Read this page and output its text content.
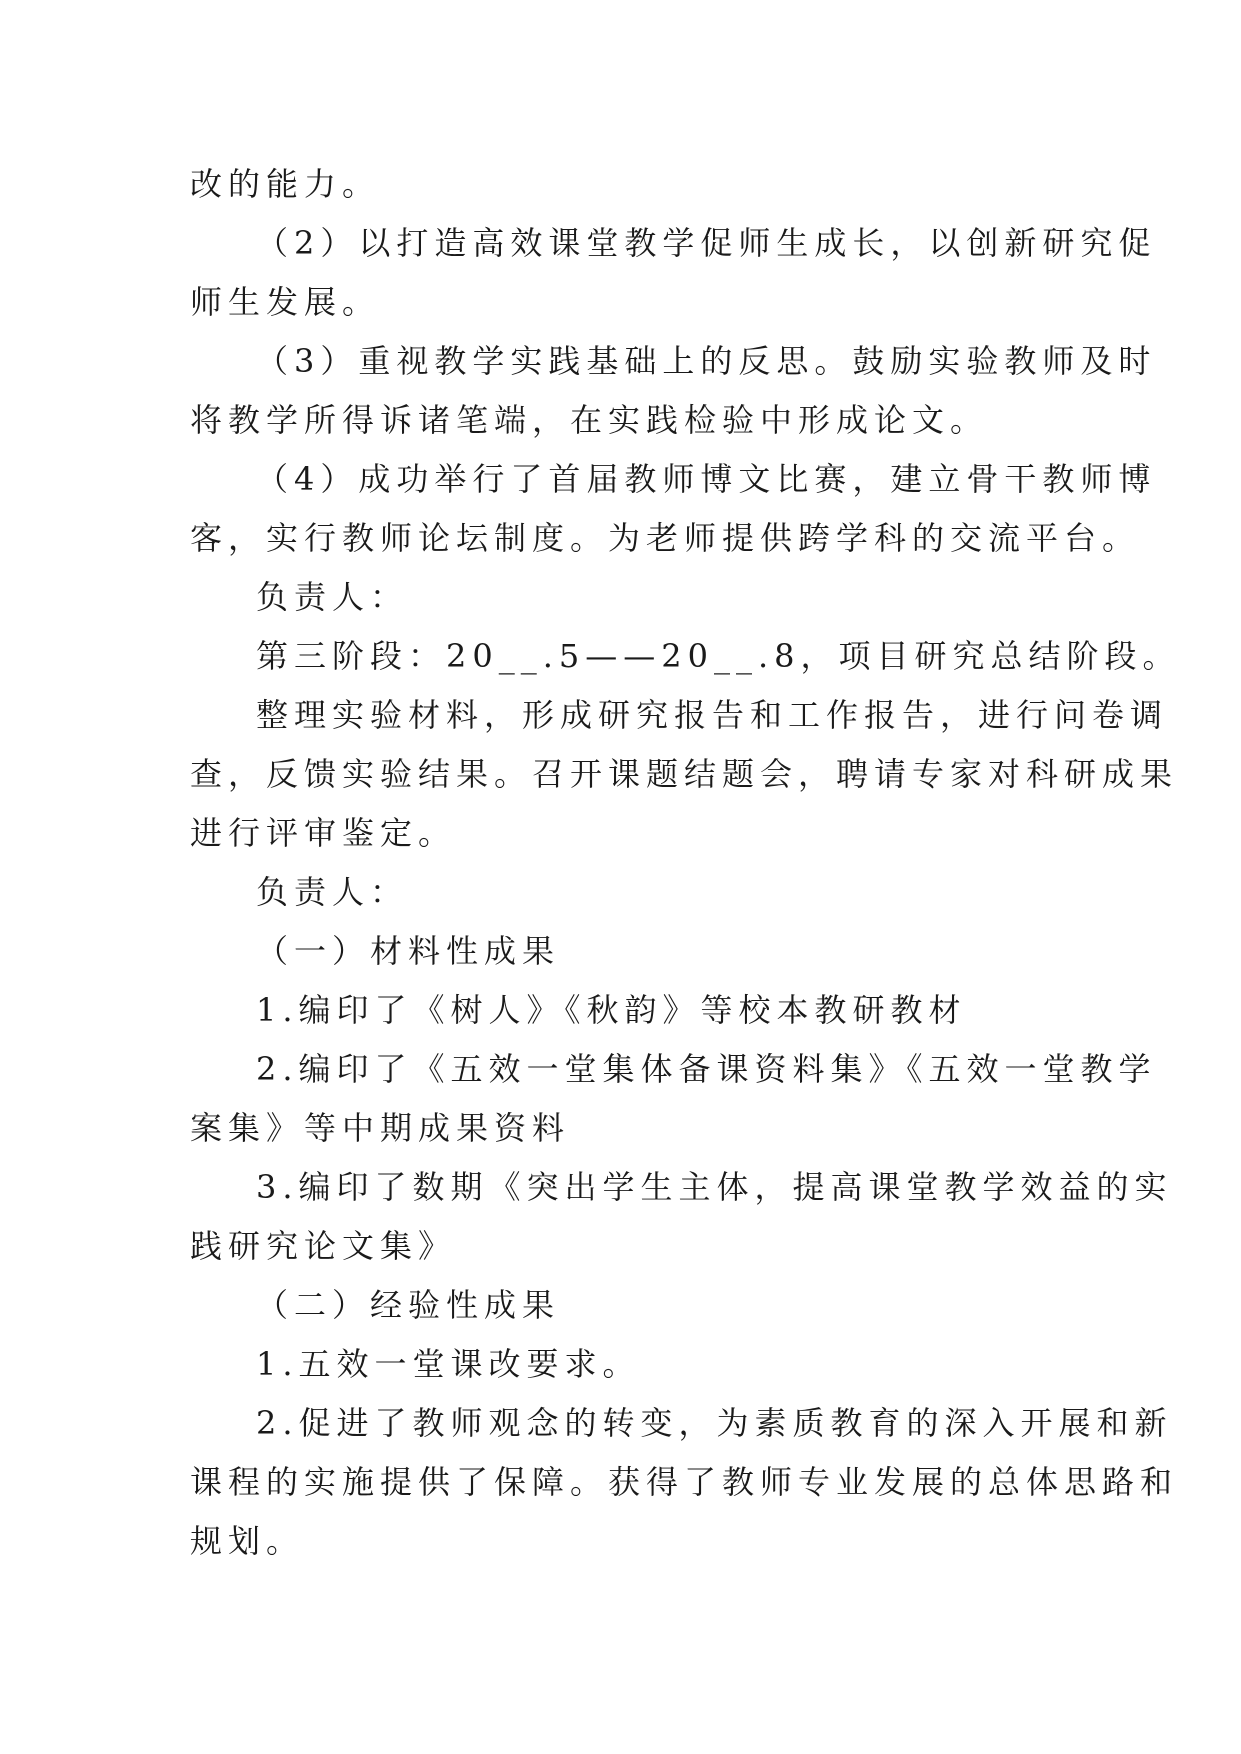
改的能力。
（2）以打造高效课堂教学促师生成长，以创新研究促
师生发展。
（3）重视教学实践基础上的反思。鼓励实验教师及时
将教学所得诉诸笔端，在实践检验中形成论文。
（4）成功举行了首届教师博文比赛，建立骨干教师博
客，实行教师论坛制度。为老师提供跨学科的交流平台。
负责人：
第三阶段：20__.5——20__.8，项目研究总结阶段。
整理实验材料，形成研究报告和工作报告，进行问卷调
查，反馈实验结果。召开课题结题会，聘请专家对科研成果
进行评审鉴定。
负责人：
（一）材料性成果
1.编印了《树人》《秋韵》等校本教研教材
2.编印了《五效一堂集体备课资料集》《五效一堂教学
案集》等中期成果资料
3.编印了数期《突出学生主体，提高课堂教学效益的实
践研究论文集》
（二）经验性成果
1.五效一堂课改要求。
2.促进了教师观念的转变，为素质教育的深入开展和新
课程的实施提供了保障。获得了教师专业发展的总体思路和
规划。
